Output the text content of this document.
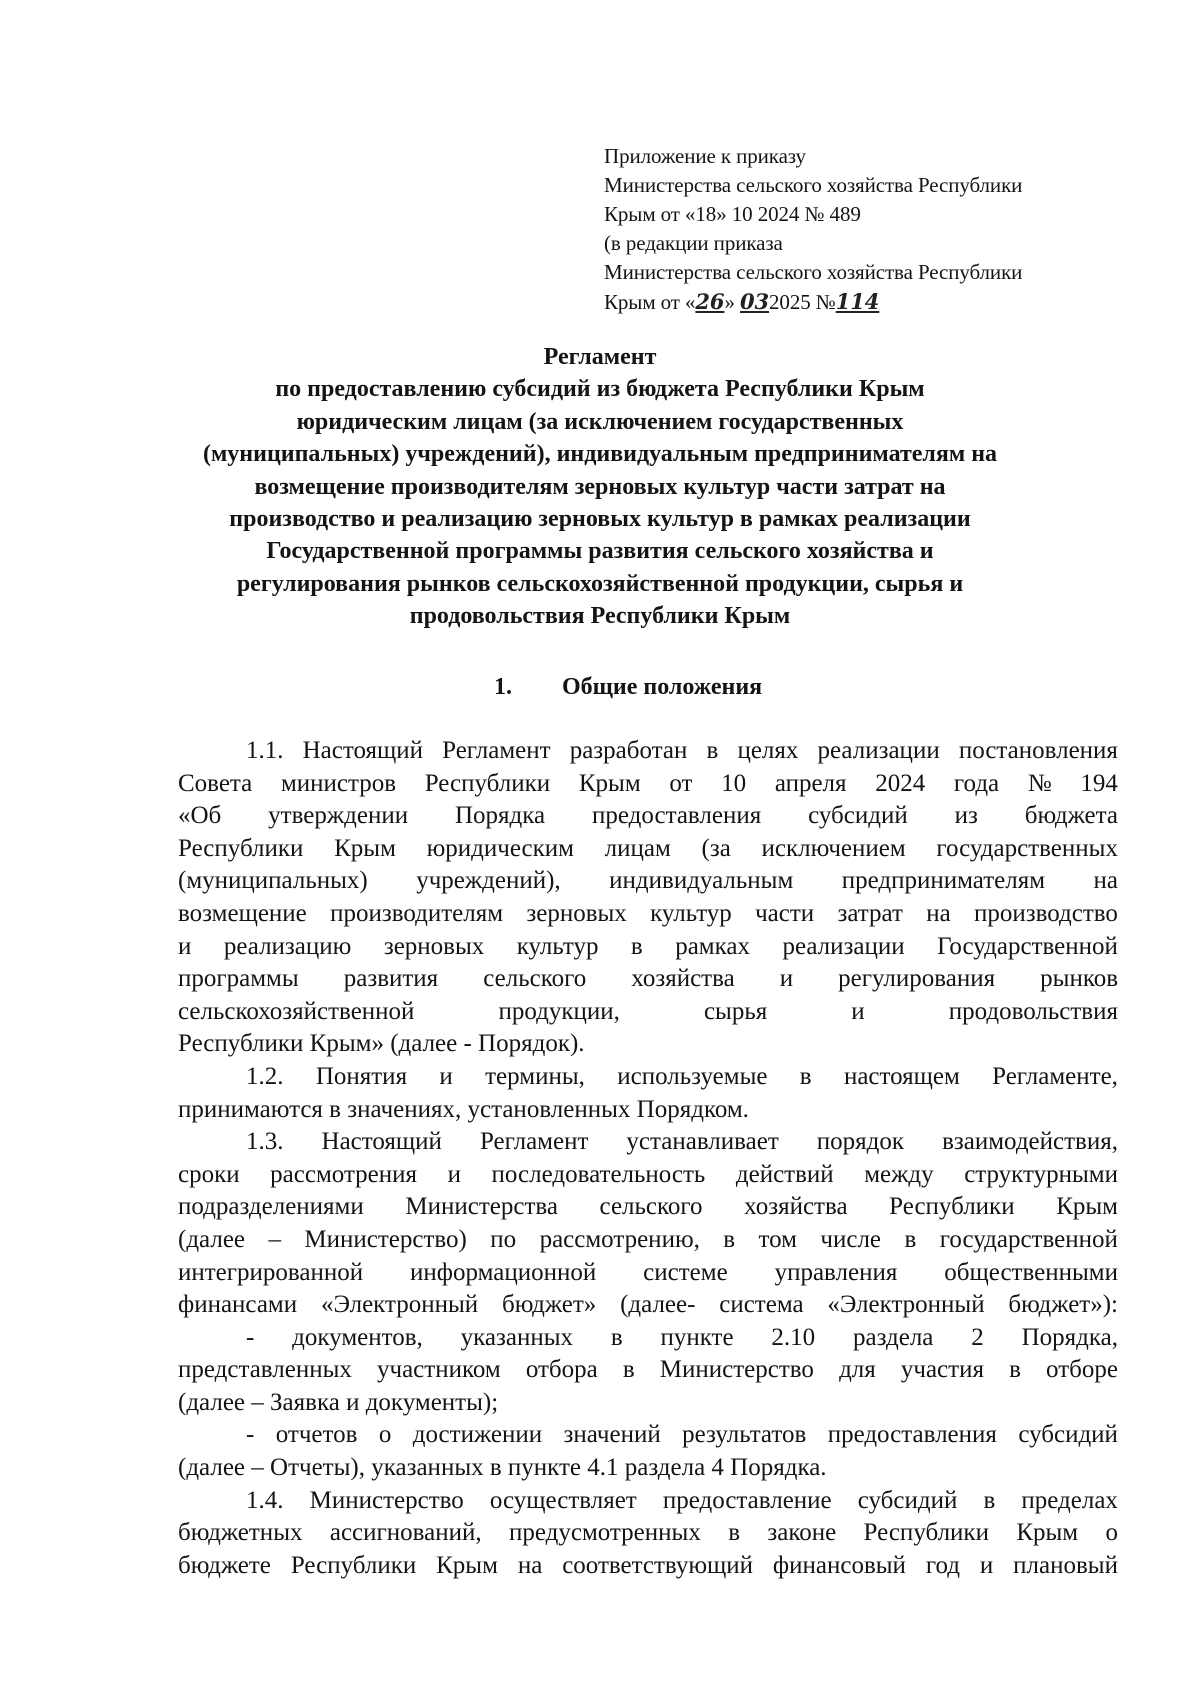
Приложение к приказу
Министерства сельского хозяйства Республики
Крым от «18» 10 2024 № 489
(в редакции приказа
Министерства сельского хозяйства Республики
Крым от «26» 032025 №114
Регламент
по предоставлению субсидий из бюджета Республики Крым
юридическим лицам (за исключением государственных
(муниципальных) учреждений), индивидуальным предпринимателям на
возмещение производителям зерновых культур части затрат на
производство и реализацию зерновых культур в рамках реализации
Государственной программы развития сельского хозяйства и
регулирования рынков сельскохозяйственной продукции, сырья и
продовольствия Республики Крым
1. Общие положения
1.1. Настоящий Регламент разработан в целях реализации постановления
Совета министров Республики Крым от 10 апреля 2024 года № 194
«Об утверждении Порядка предоставления субсидий из бюджета
Республики Крым юридическим лицам (за исключением государственных
(муниципальных) учреждений), индивидуальным предпринимателям на
возмещение производителям зерновых культур части затрат на производство
и реализацию зерновых культур в рамках реализации Государственной
программы развития сельского хозяйства и регулирования рынков
сельскохозяйственной	продукции,	сырья	и	продовольствия
Республики Крым» (далее - Порядок).
1.2. Понятия и термины, используемые в настоящем Регламенте,
принимаются в значениях, установленных Порядком.
1.3. Настоящий Регламент устанавливает порядок взаимодействия,
сроки рассмотрения и последовательность действий между структурными
подразделениями Министерства сельского хозяйства Республики Крым
(далее – Министерство) по рассмотрению, в том числе в государственной
интегрированной информационной системе управления общественными
финансами «Электронный бюджет» (далее- система «Электронный бюджет»):
- документов, указанных в пункте 2.10 раздела 2 Порядка,
представленных участником отбора в Министерство для участия в отборе
(далее – Заявка и документы);
- отчетов о достижении значений результатов предоставления субсидий
(далее – Отчеты), указанных в пункте 4.1 раздела 4 Порядка.
1.4. Министерство осуществляет предоставление субсидий в пределах
бюджетных ассигнований, предусмотренных в законе Республики Крым о
бюджете Республики Крым на соответствующий финансовый год и плановый
